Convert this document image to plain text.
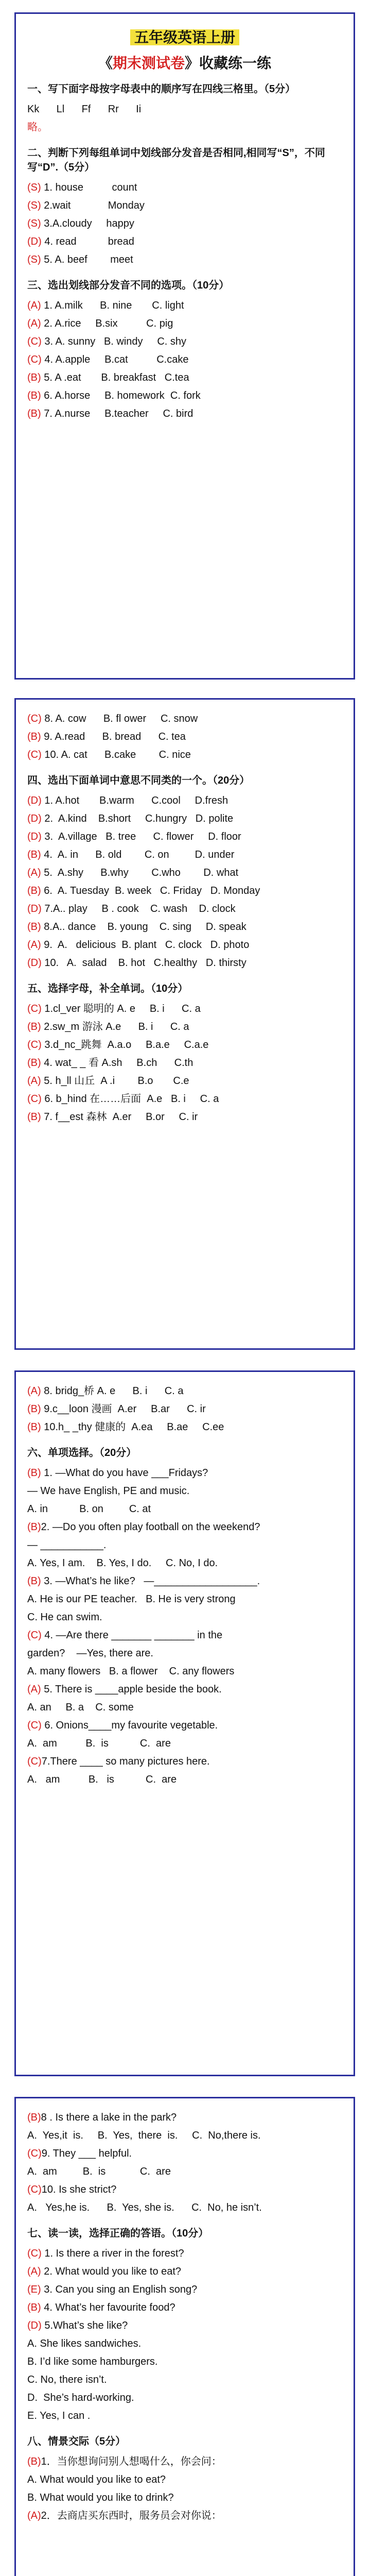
五年级英语上册
《期末测试卷》收藏练一练
一、写下面字母按字母表中的顺序写在四线三格里。（5分）
Kk      Ll      Ff      Rr      Ii
略。
二、判断下列每组单词中划线部分发音是否相同,相同写“S”，不同写“D”.（5分）
(S) 1. house          count
(S) 2.wait             Monday
(S) 3.A.cloudy     happy
(D) 4. read           bread
(S) 5. A. beef        meet
三、选出划线部分发音不同的选项。（10分）
(A) 1. A.milk      B. nine       C. light
(A) 2. A.rice     B.six          C. pig
(C) 3. A. sunny   B. windy     C. shy
(C) 4. A.apple     B.cat          C.cake
(B) 5. A .eat       B. breakfast   C.tea
(B) 6. A.horse     B. homework  C. fork
(B) 7. A.nurse     B.teacher     C. bird
(C) 8. A. cow      B. fl ower     C. snow
(B) 9. A.read      B. bread      C. tea
(C) 10. A. cat      B.cake        C. nice
四、选出下面单词中意思不同类的一个。（20分）
(D) 1. A.hot       B.warm      C.cool     D.fresh
(D) 2.  A.kind    B.short     C.hungry   D. polite
(D) 3.  A.village   B. tree      C. flower     D. floor
(B) 4.  A. in      B. old        C. on         D. under
(A) 5.  A.shy      B.why        C.who        D. what
(B) 6.  A. Tuesday  B. week   C. Friday   D. Monday
(D) 7.A.. play     B . cook    C. wash    D. clock
(B) 8.A.. dance    B. young    C. sing     D. speak
(A) 9.  A.   delicious  B. plant   C. clock   D. photo
(D) 10.   A.  salad    B. hot   C.healthy   D. thirsty
五、选择字母，补全单词。（10分）
(C) 1.cl_ver 聪明的 A. e     B. i      C. a
(B) 2.sw_m 游泳 A.e      B. i      C. a
(C) 3.d_nc_跳舞  A.a.o     B.a.e     C.a.e
(B) 4. wat_ _ 看 A.sh     B.ch      C.th
(A) 5. h_ll 山丘  A .i        B.o       C.e
(C) 6. b_hind 在……后面  A.e   B. i     C. a
(B) 7. f__est 森林  A.er     B.or     C. ir
(A) 8. bridg_桥 A. e      B. i      C. a
(B) 9.c__loon 漫画  A.er     B.ar      C. ir
(B) 10.h_ _thy 健康的  A.ea     B.ae     C.ee
六、单项选择。（20分）
(B) 1. —What do you have ___Fridays?
— We have English, PE and music.
A. in           B. on         C. at
(B)2. —Do you often play football on the weekend?
— ___________.
A. Yes, I am.    B. Yes, I do.     C. No, I do.
(B) 3. —What’s he like?   —__________________.
A. He is our PE teacher.   B. He is very strong
C. He can swim.
(C) 4. —Are there _______ _______ in the
garden?    —Yes, there are.
A. many flowers   B. a flower    C. any flowers
(A) 5. There is ____apple beside the book.
A. an     B. a    C. some
(C) 6. Onions____my favourite vegetable.
A.  am          B.  is           C.  are
(C)7.There ____ so many pictures here.
A.   am          B.   is           C.  are
(B)8 . Is there a lake in the park?
A.  Yes,it  is.     B.  Yes,  there  is.     C.  No,there is.
(C)9. They ___ helpful.
A.  am         B.  is            C.  are
(C)10. Is she strict?
A.   Yes,he is.      B.  Yes, she is.      C.  No, he isn’t.
七、读一读，选择正确的答语。（10分）
(C) 1. Is there a river in the forest?
(A) 2. What would you like to eat?
(E) 3. Can you sing an English song?
(B) 4. What’s her favourite food?
(D) 5.What’s she like?
A. She likes sandwiches.
B. I’d like some hamburgers.
C. No, there isn’t.
D.  She’s hard-working.
E. Yes, I can .
八、情景交际（5分）
(B)1．当你想询问别人想喝什么，你会问：
A. What would you like to eat?
B. What would you like to drink?
(A)2．去商店买东西时，服务员会对你说：
